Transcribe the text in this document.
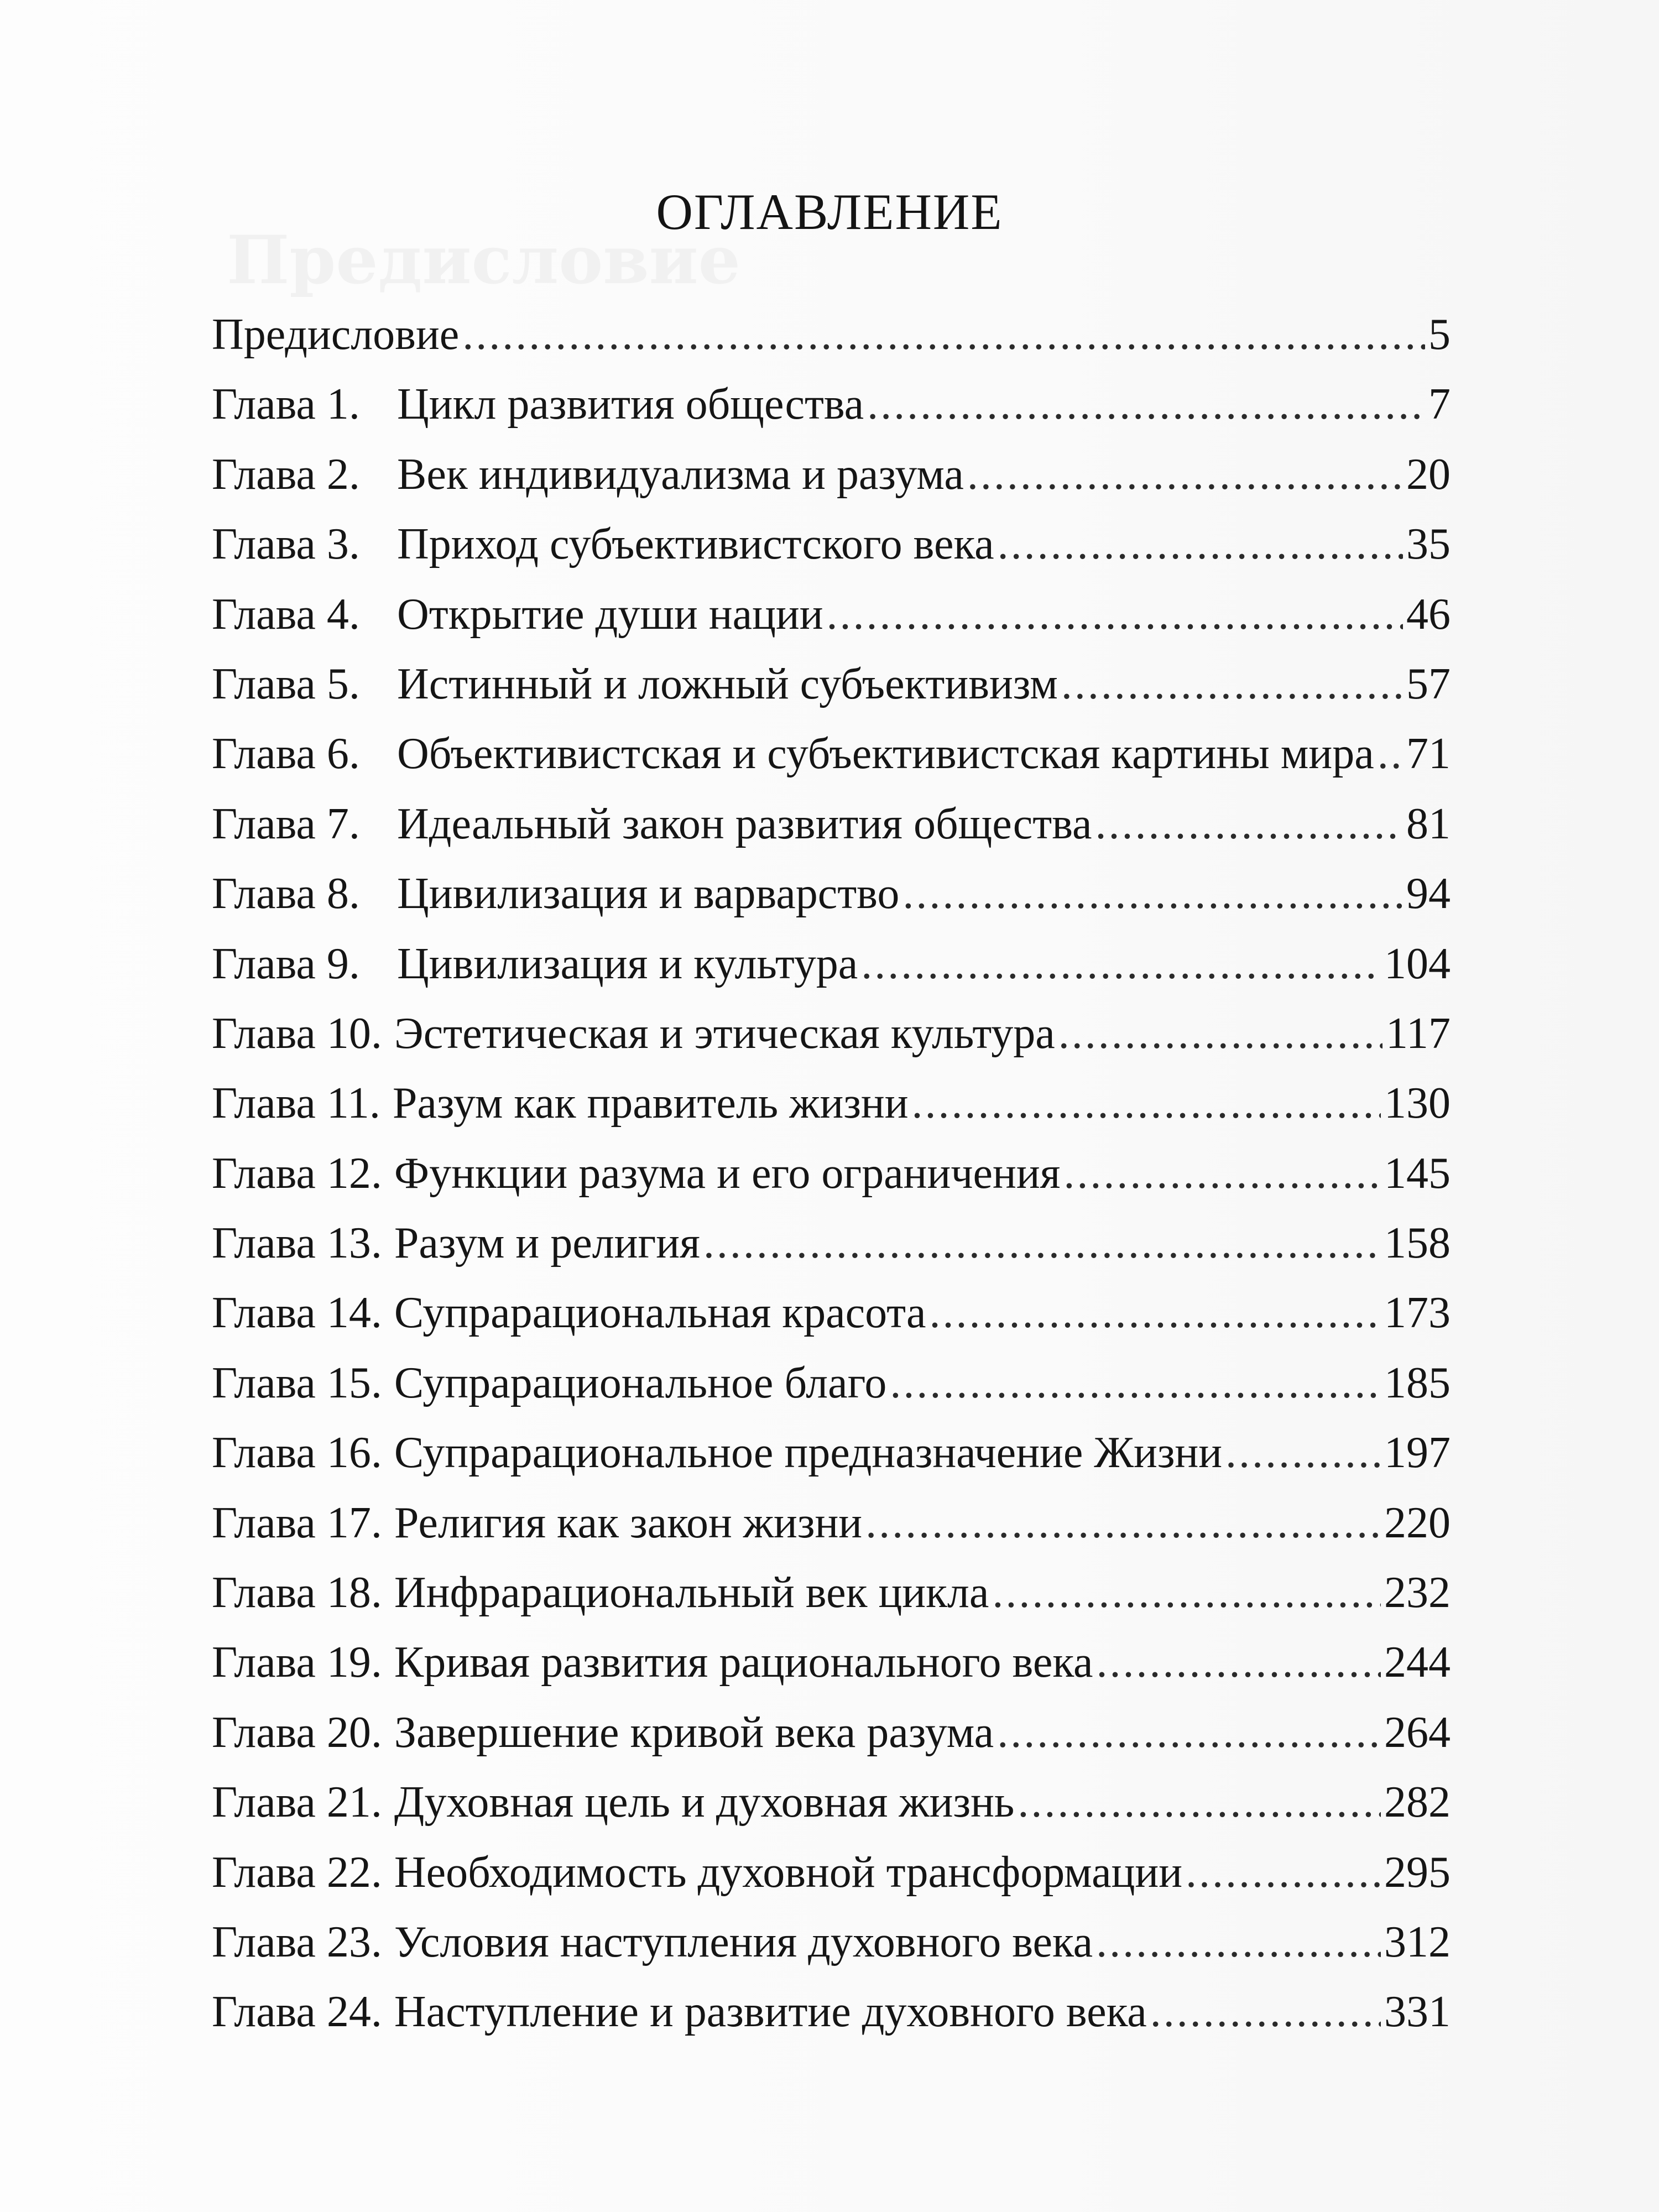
Предисловие
ОГЛАВЛЕНИЕ
Предисловие . . .	5
Глава 1. Цикл развития общества . . .	7
Глава 2. Век индивидуализма и разума . . .	20
Глава 3. Приход субъективистского века . . .	35
Глава 4. Открытие души нации . . .	46
Глава 5. Истинный и ложный субъективизм . . .	57
Глава 6. Объективистская и субъективистская картины мира . . . 71
Глава 7. Идеальный закон развития общества . . .	81
Глава 8. Цивилизация и варварство . . .	94
Глава 9. Цивилизация и культура . . .	104
Глава 10. Эстетическая и этическая культура . . .	117
Глава 11. Разум как правитель жизни . . .	130
Глава 12. Функции разума и его ограничения . . .	145
Глава 13. Разум и религия . . .	158
Глава 14. Супрарациональная красота . . .	173
Глава 15. Супрарациональное благо . . .	185
Глава 16. Супрарациональное предназначение Жизни . . .	197
Глава 17. Религия как закон жизни . . .	220
Глава 18. Инфрарациональный век цикла . . .	232
Глава 19. Кривая развития рационального века . . .	244
Глава 20. Завершение кривой века разума . . .	264
Глава 21. Духовная цель и духовная жизнь . . .	282
Глава 22. Необходимость духовной трансформации . . .	295
Глава 23. Условия наступления духовного века . . .	312
Глава 24. Наступление и развитие духовного века . . .	331
